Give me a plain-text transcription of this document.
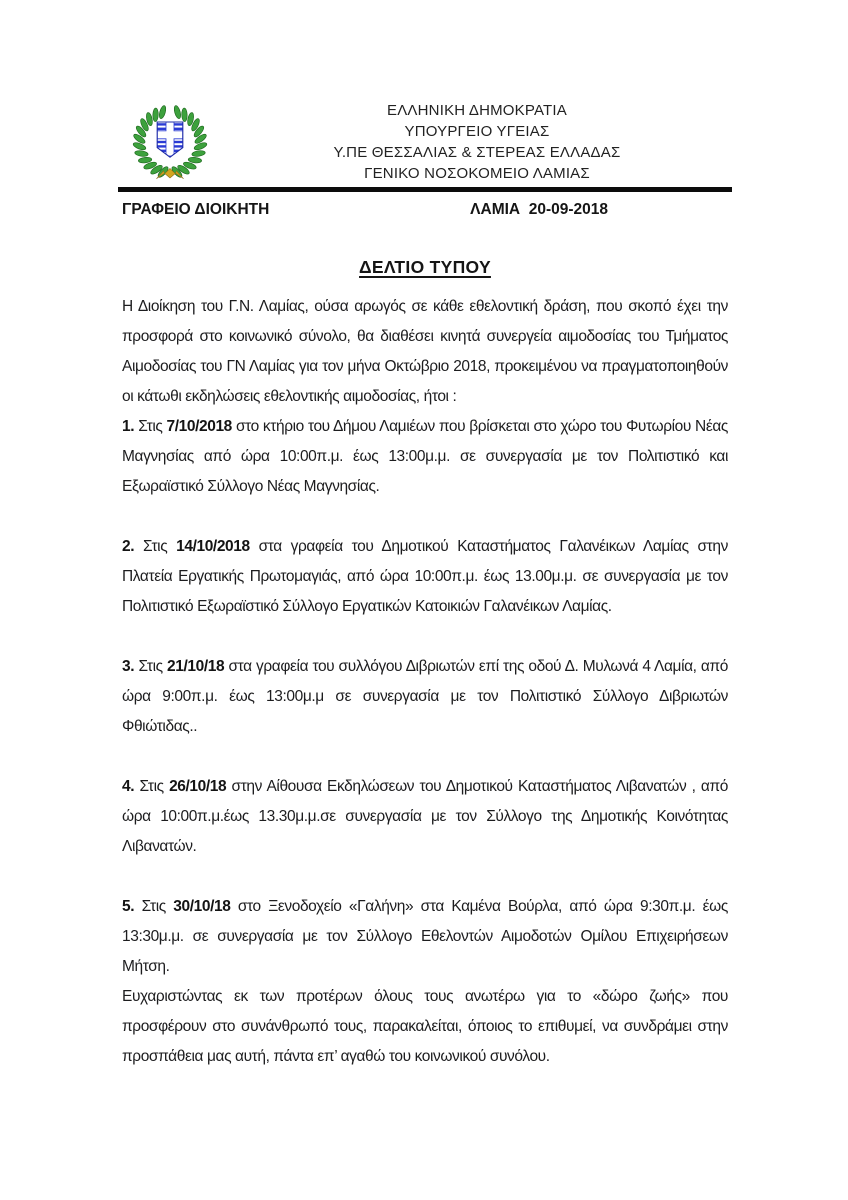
ΕΛΛΗΝΙΚΗ ΔΗΜΟΚΡΑΤΙΑ
ΥΠΟΥΡΓΕΙΟ ΥΓΕΙΑΣ
Υ.ΠΕ ΘΕΣΣΑΛΙΑΣ & ΣΤΕΡΕΑΣ ΕΛΛΑΔΑΣ
ΓΕΝΙΚΟ ΝΟΣΟΚΟΜΕΙΟ ΛΑΜΙΑΣ
ΓΡΑΦΕΙΟ ΔΙΟΙΚΗΤΗ	ΛΑΜΙΑ  20-09-2018
ΔΕΛΤΙΟ ΤΥΠΟΥ

Η Διοίκηση του Γ.Ν. Λαμίας, ούσα αρωγός σε κάθε εθελοντική δράση, που σκοπό έχει την προσφορά στο κοινωνικό σύνολο, θα διαθέσει κινητά συνεργεία αιμοδοσίας του Τμήματος Αιμοδοσίας του ΓΝ Λαμίας για τον μήνα Οκτώβριο 2018, προκειμένου να πραγματοποιηθούν οι κάτωθι εκδηλώσεις εθελοντικής αιμοδοσίας, ήτοι :

1. Στις 7/10/2018 στο κτήριο του Δήμου Λαμιέων που βρίσκεται στο χώρο του Φυτωρίου Νέας Μαγνησίας από ώρα 10:00π.μ. έως 13:00μ.μ. σε συνεργασία με τον Πολιτιστικό και Εξωραϊστικό Σύλλογο Νέας Μαγνησίας.

2. Στις 14/10/2018 στα γραφεία του Δημοτικού Καταστήματος Γαλανέικων Λαμίας στην Πλατεία Εργατικής Πρωτομαγιάς, από ώρα 10:00π.μ. έως 13.00μ.μ. σε συνεργασία με τον Πολιτιστικό Εξωραϊστικό Σύλλογο Εργατικών Κατοικιών Γαλανέικων Λαμίας.

3. Στις 21/10/18 στα γραφεία του συλλόγου Διβριωτών επί της οδού Δ. Μυλωνά 4 Λαμία, από ώρα 9:00π.μ. έως 13:00μ.μ σε συνεργασία με τον Πολιτιστικό Σύλλογο Διβριωτών Φθιώτιδας..

4. Στις 26/10/18 στην Αίθουσα Εκδηλώσεων του Δημοτικού Καταστήματος Λιβανατών , από ώρα 10:00π.μ.έως 13.30μ.μ.σε συνεργασία με τον Σύλλογο της Δημοτικής Κοινότητας Λιβανατών.

5. Στις 30/10/18 στο Ξενοδοχείο «Γαλήνη» στα Καμένα Βούρλα, από ώρα 9:30π.μ. έως 13:30μ.μ. σε συνεργασία με τον Σύλλογο Εθελοντών Αιμοδοτών Ομίλου Επιχειρήσεων Μήτση.

Ευχαριστώντας εκ των προτέρων όλους τους ανωτέρω για το «δώρο ζωής» που προσφέρουν στο συνάνθρωπό τους, παρακαλείται, όποιος το επιθυμεί, να συνδράμει στην προσπάθεια μας αυτή, πάντα επ’ αγαθώ του κοινωνικού συνόλου.
